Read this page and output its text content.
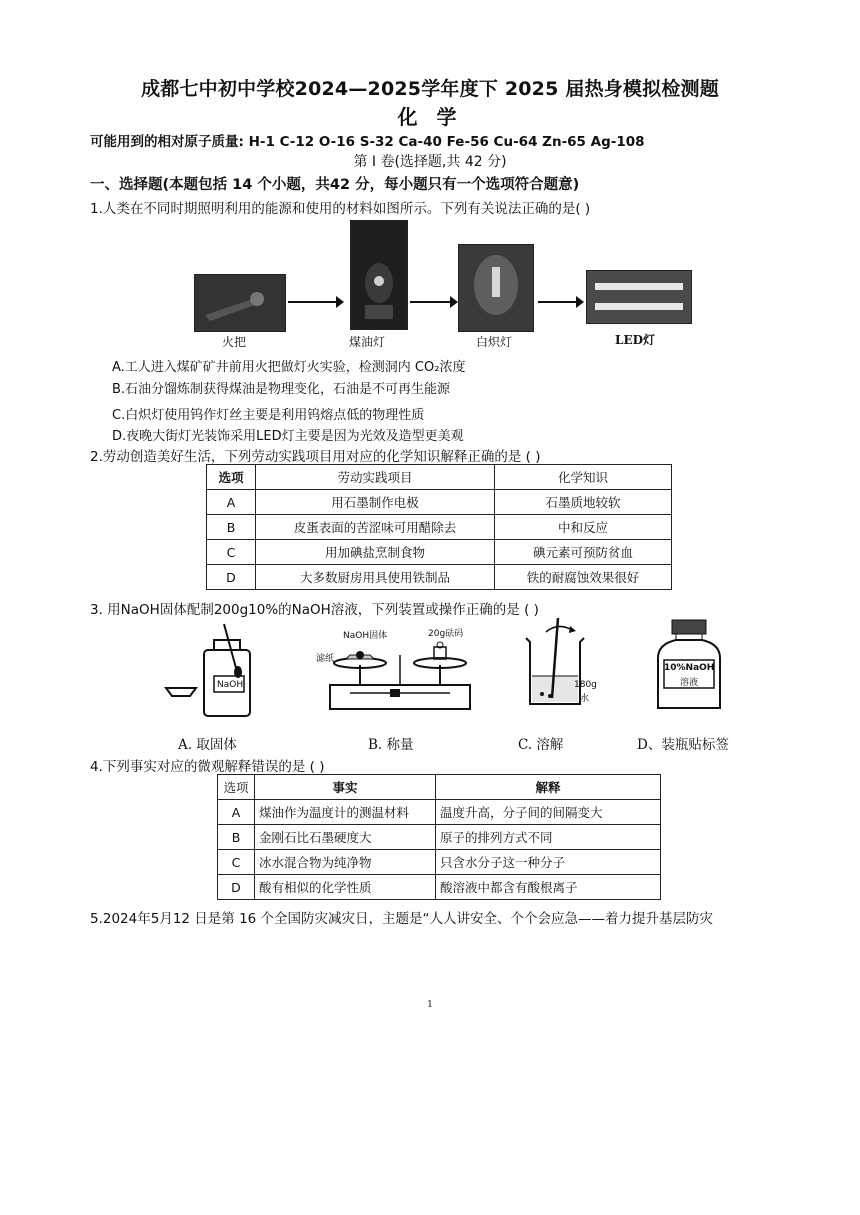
成都七中初中学校2024—2025学年度下 2025 届热身模拟检测题
化 学
可能用到的相对原子质量: H-1 C-12 O-16 S-32 Ca-40 Fe-56 Cu-64 Zn-65 Ag-108
第 I 卷(选择题,共 42 分)
一、选择题(本题包括 14 个小题，共42 分，每小题只有一个选项符合题意)
1.人类在不同时期照明利用的能源和使用的材料如图所示。下列有关说法正确的是( )
火把	煤油灯	白炽灯	LED灯
A.工人进入煤矿矿井前用火把做灯火实验，检测洞内 CO₂浓度
B.石油分馏炼制获得煤油是物理变化，石油是不可再生能源
C.白炽灯使用钨作灯丝主要是利用钨熔点低的物理性质
D.夜晚大街灯光装饰采用LED灯主要是因为光效及造型更美观
2.劳动创造美好生活，下列劳动实践项目用对应的化学知识解释正确的是 ( )
选项	劳动实践项目	化学知识
A	用石墨制作电极	石墨质地较软
B	皮蛋表面的苦涩味可用醋除去	中和反应
C	用加碘盐烹制食物	碘元素可预防贫血
D	大多数厨房用具使用铁制品	铁的耐腐蚀效果很好
3. 用NaOH固体配制200g10%的NaOH溶液，下列装置或操作正确的是 ( )
NaOH
NaOH固体	20g砝码
滤纸
180g
水
10%NaOH
溶液
A. 取固体	B. 称量	C. 溶解	D、装瓶贴标签
4.下列事实对应的微观解释错误的是 ( )
选项	事实	解释
A	煤油作为温度计的测温材料	温度升高，分子间的间隔变大
B	金刚石比石墨硬度大	原子的排列方式不同
C	冰水混合物为纯净物	只含水分子这一种分子
D	酸有相似的化学性质	酸溶液中都含有酸根离子
5.2024年5月12 日是第 16 个全国防灾减灾日，主题是“人人讲安全、个个会应急——着力提升基层防灾
1
